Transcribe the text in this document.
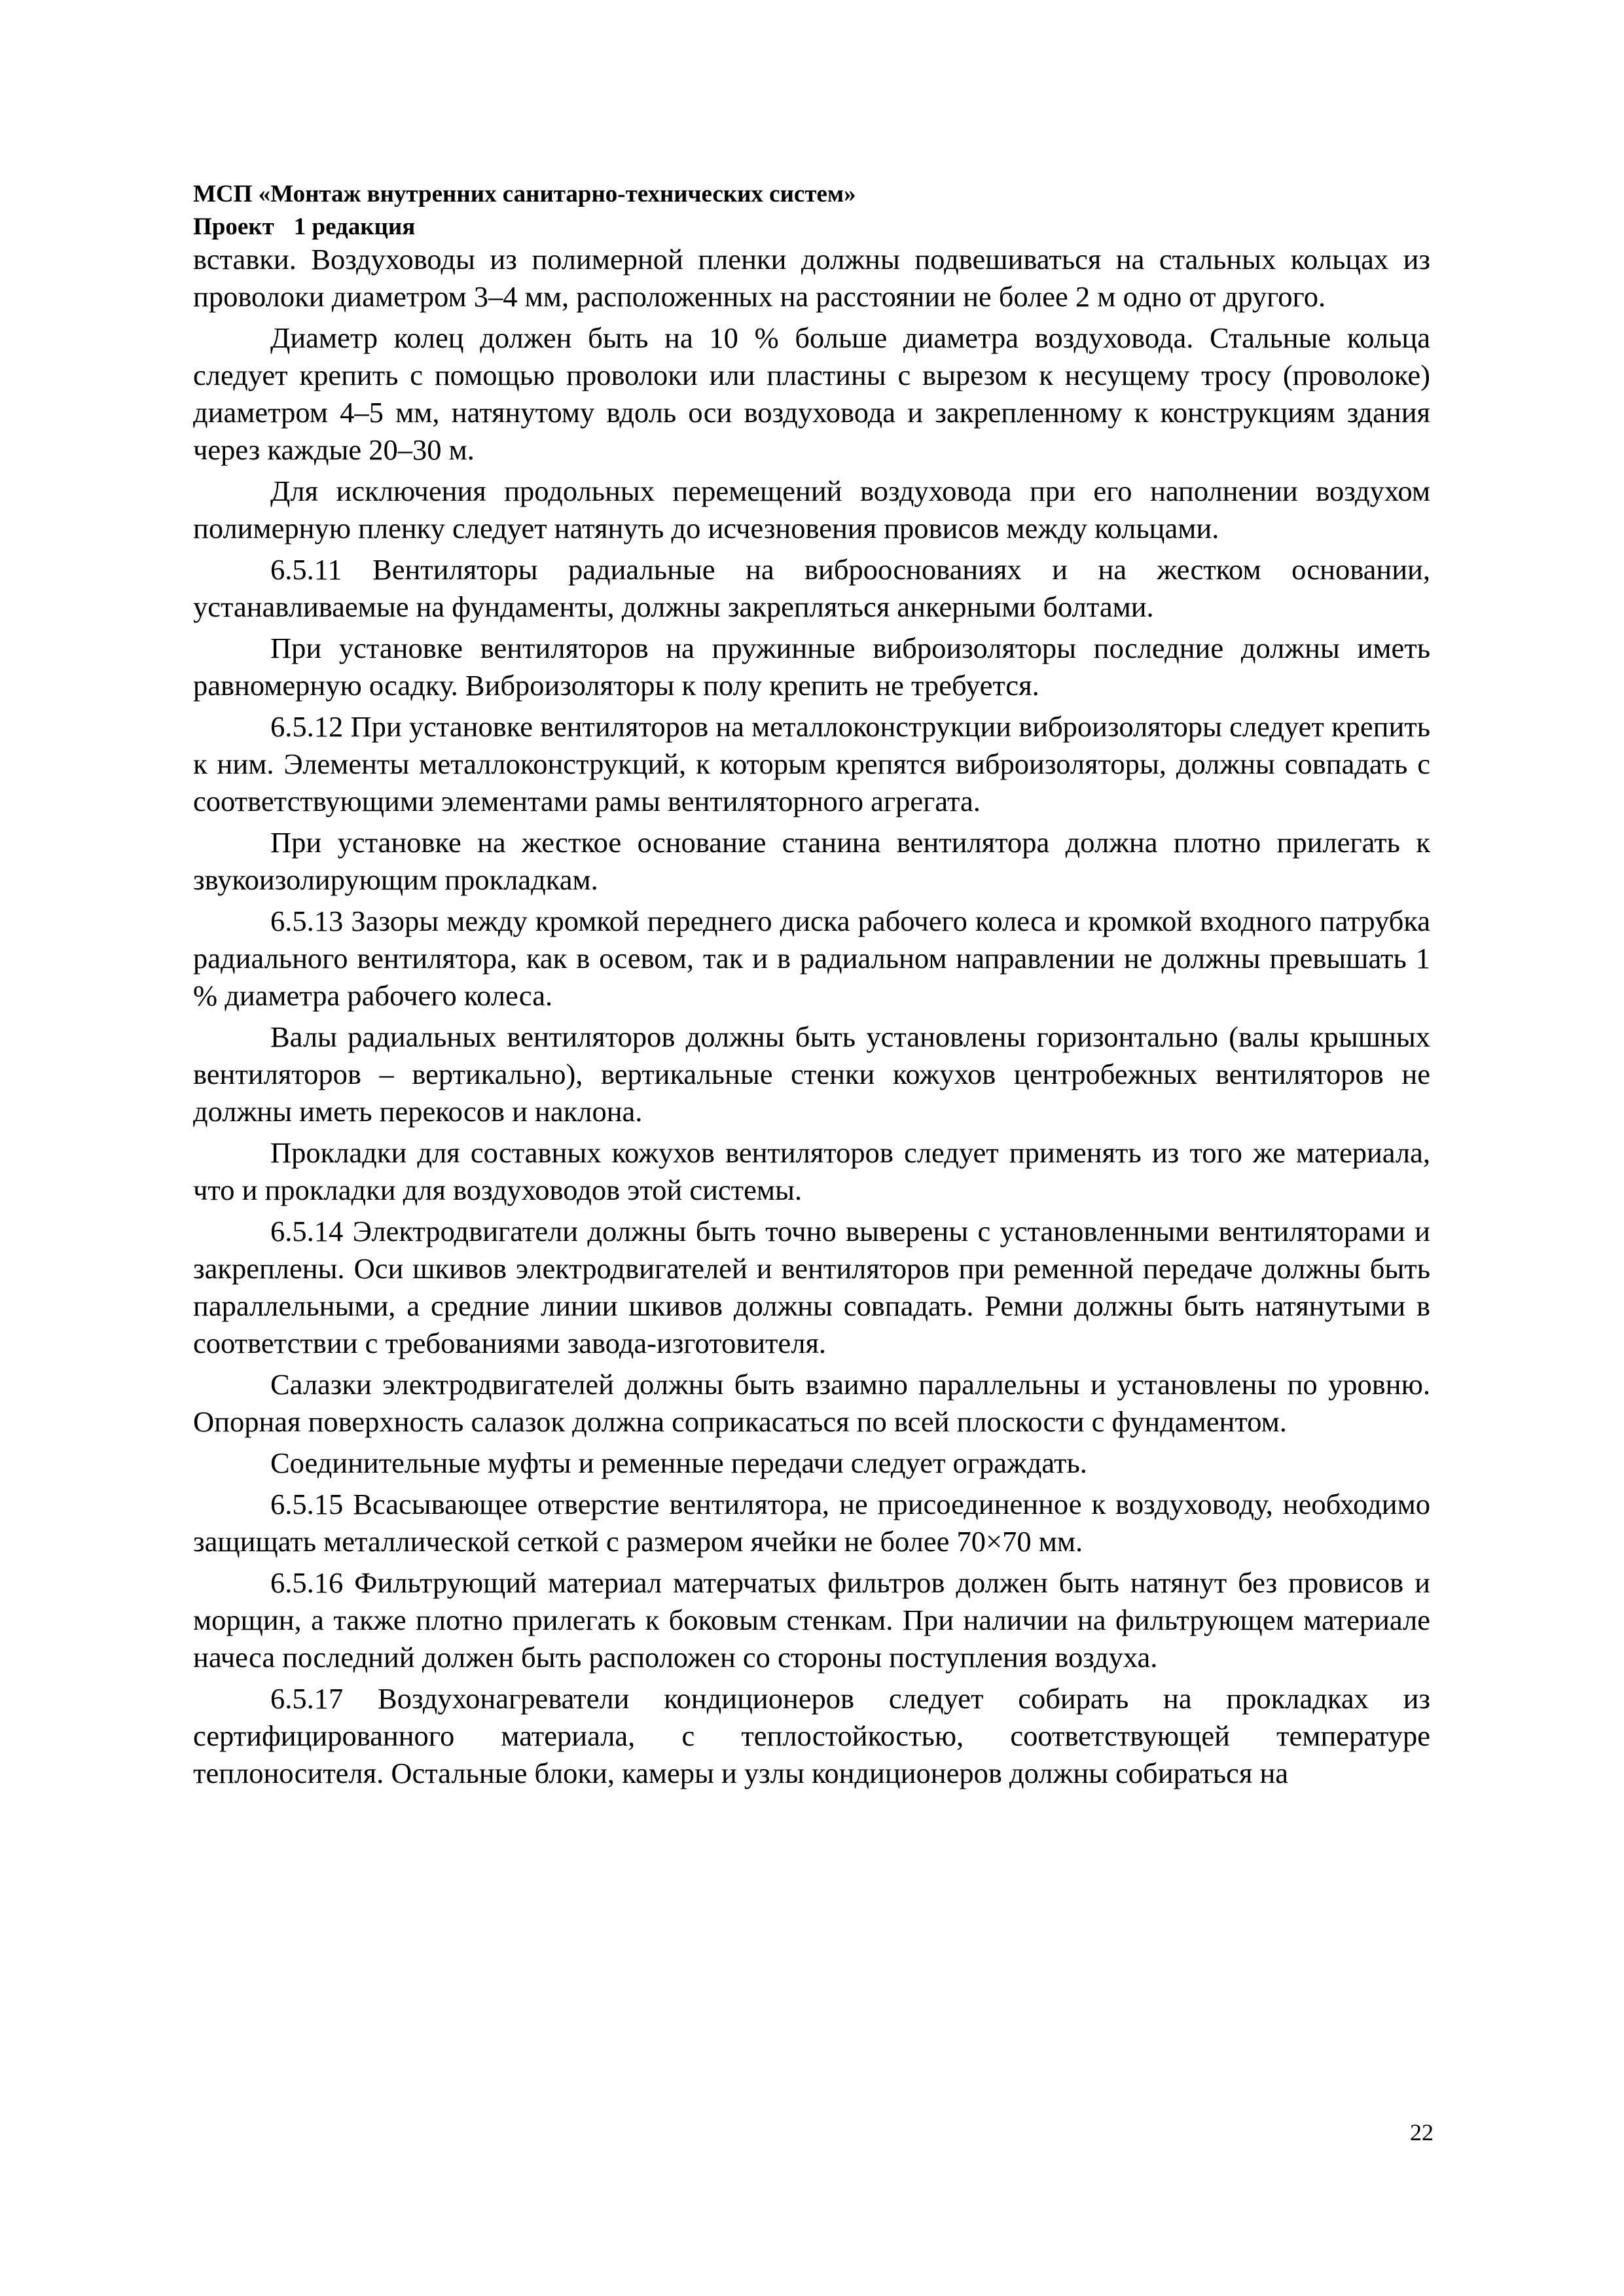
МСП «Монтаж внутренних санитарно-технических систем»

Проект 1 редакция

вставки. Воздуховоды из полимерной пленки должны подвешиваться на стальных кольцах из проволоки диаметром 3–4 мм, расположенных на расстоянии не более 2 м одно от другого.

Диаметр колец должен быть на 10 % больше диаметра воздуховода. Стальные кольца следует крепить с помощью проволоки или пластины с вырезом к несущему тросу (проволоке) диаметром 4–5 мм, натянутому вдоль оси воздуховода и закрепленному к конструкциям здания через каждые 20–30 м.

Для исключения продольных перемещений воздуховода при его наполнении воздухом полимерную пленку следует натянуть до исчезновения провисов между кольцами.

6.5.11 Вентиляторы радиальные на виброоснованиях и на жестком основании, устанавливаемые на фундаменты, должны закрепляться анкерными болтами.

При установке вентиляторов на пружинные виброизоляторы последние должны иметь равномерную осадку. Виброизоляторы к полу крепить не требуется.

6.5.12 При установке вентиляторов на металлоконструкции виброизоляторы следует крепить к ним. Элементы металлоконструкций, к которым крепятся виброизоляторы, должны совпадать с соответствующими элементами рамы вентиляторного агрегата.

При установке на жесткое основание станина вентилятора должна плотно прилегать к звукоизолирующим прокладкам.

6.5.13 Зазоры между кромкой переднего диска рабочего колеса и кромкой входного патрубка радиального вентилятора, как в осевом, так и в радиальном направлении не должны превышать 1 % диаметра рабочего колеса.

Валы радиальных вентиляторов должны быть установлены горизонтально (валы крышных вентиляторов – вертикально), вертикальные стенки кожухов центробежных вентиляторов не должны иметь перекосов и наклона.

Прокладки для составных кожухов вентиляторов следует применять из того же материала, что и прокладки для воздуховодов этой системы.

6.5.14 Электродвигатели должны быть точно выверены с установленными вентиляторами и закреплены. Оси шкивов электродвигателей и вентиляторов при ременной передаче должны быть параллельными, а средние линии шкивов должны совпадать. Ремни должны быть натянутыми в соответствии с требованиями завода-изготовителя.

Салазки электродвигателей должны быть взаимно параллельны и установлены по уровню. Опорная поверхность салазок должна соприкасаться по всей плоскости с фундаментом.

Соединительные муфты и ременные передачи следует ограждать.

6.5.15 Всасывающее отверстие вентилятора, не присоединенное к воздуховоду, необходимо защищать металлической сеткой с размером ячейки не более 70×70 мм.

6.5.16 Фильтрующий материал матерчатых фильтров должен быть натянут без провисов и морщин, а также плотно прилегать к боковым стенкам. При наличии на фильтрующем материале начеса последний должен быть расположен со стороны поступления воздуха.

6.5.17 Воздухонагреватели кондиционеров следует собирать на прокладках из сертифицированного материала, с теплостойкостью, соответствующей температуре теплоносителя. Остальные блоки, камеры и узлы кондиционеров должны собираться на

22
